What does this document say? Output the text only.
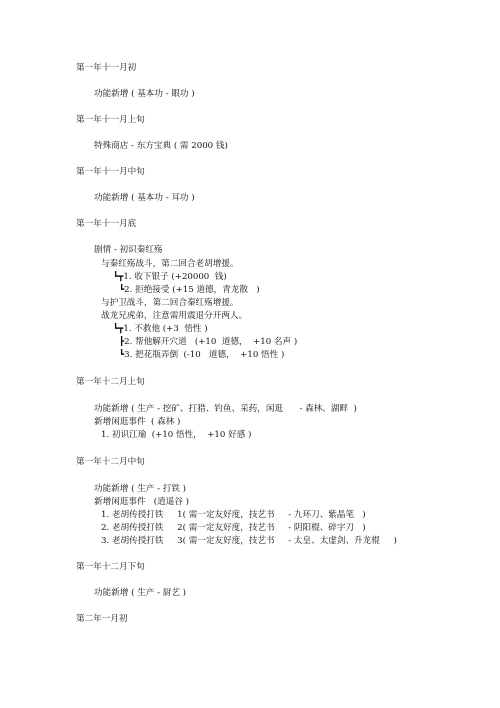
第一年十一月初
功能新增 ( 基本功 - 眼功 )
第一年十一月上旬
特殊商店 - 东方宝典 ( 需 2000 钱)
第一年十一月中旬
功能新增 ( 基本功 - 耳功 )
第一年十一月底
剧情 - 初识秦红殇
与秦红殇战斗，第二回合老胡增援。
┗┳1. 收下银子 (+20000  钱)
┗2. 拒绝接受 (+15 道德，青龙散   )
与护卫战斗，第二回合秦红殇增援。
战龙兄虎弟，注意需用震退分开两人。
┗┳1. 不救他 (+3  悟性 )
┣2. 帮他解开穴道   (+10  道德，  +10 名声 )
┗3. 把花瓶弄倒  (-10   道德，  +10 悟性 )
第一年十二月上旬
功能新增 ( 生产 - 挖矿、打猎、钓鱼、采药，闲逛      - 森林、湖畔  )
新增闲逛事件  ( 森林 )
1. 初识江瑜  (+10 悟性，  +10 好感 )
第一年十二月中旬
功能新增 ( 生产 - 打铁 )
新增闲逛事件   (逍遥谷 )
1. 老胡传授打铁     1( 需一定友好度，技艺书     - 九环刀、紫晶笔   )
2. 老胡传授打铁     2( 需一定友好度，技艺书     - 阴阳棍、碎宇刀   )
3. 老胡传授打铁     3( 需一定友好度，技艺书     - 太皇、太虚剑、升龙棍     )
第一年十二月下旬
功能新增 ( 生产 - 厨艺 )
第二年一月初
